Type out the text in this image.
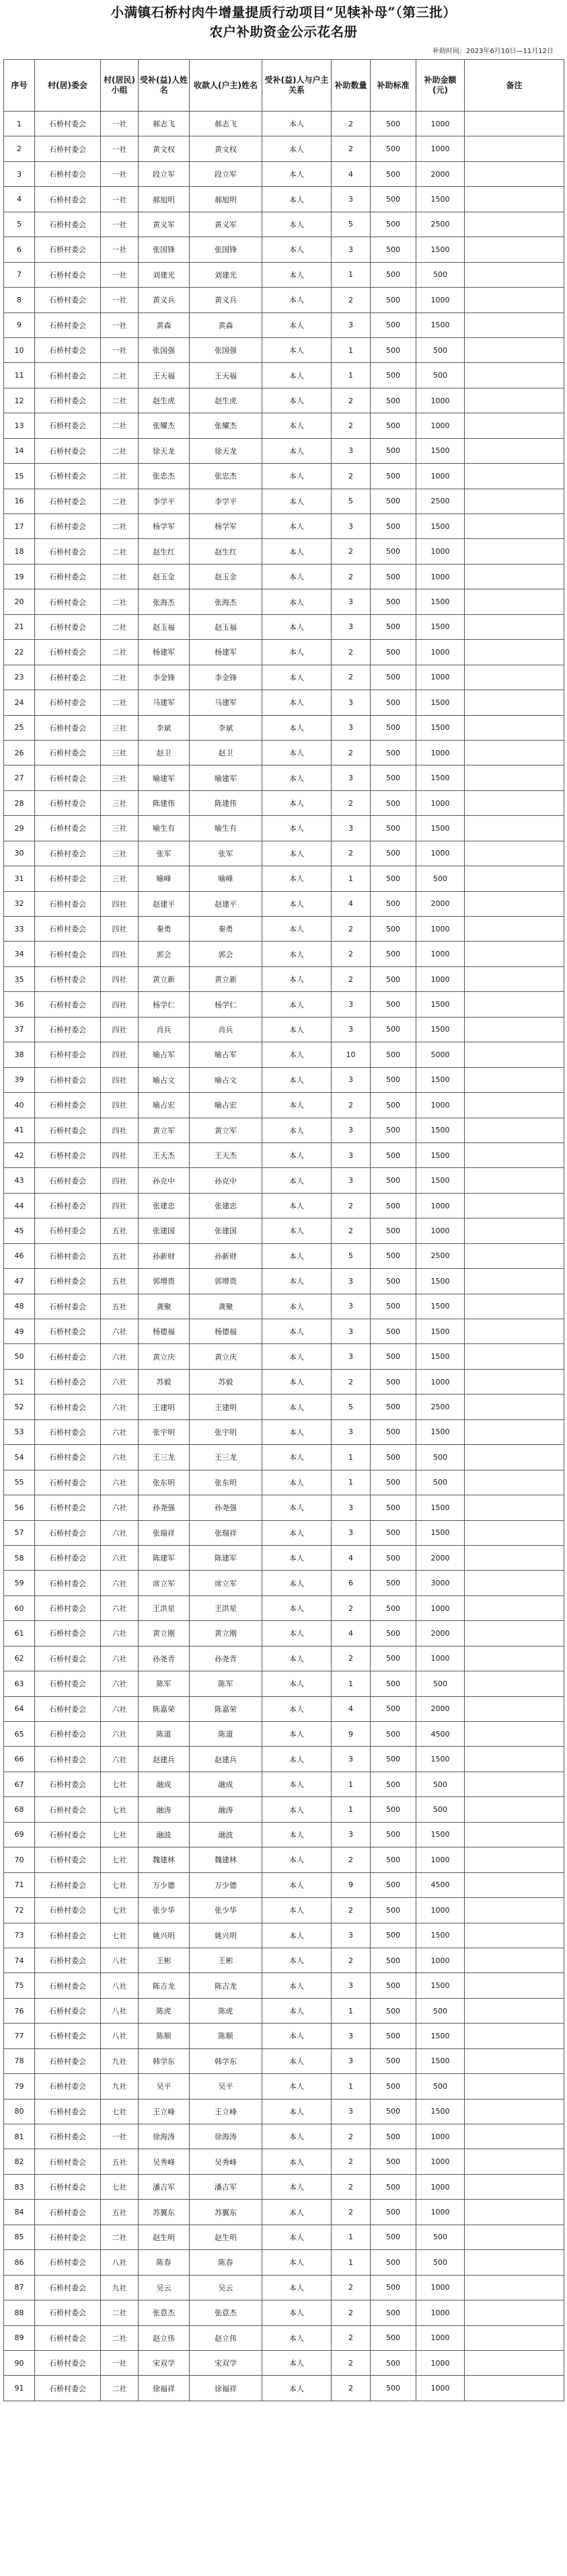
小满镇石桥村肉牛增量提质行动项目“见犊补母”（第三批）
农户补助资金公示花名册
补助时间：2023年6月10日—11月12日
序号	村(居)委会	村(居民)小组	受补(益)人姓名	收款人(户主)姓名	受补(益)人与户主关系	补助数量	补助标准	补助金额(元)	备注
1	石桥村委会	一社	郝志飞	郝志飞	本人	2	500	1000	
2	石桥村委会	一社	黄文权	黄文权	本人	2	500	1000	
3	石桥村委会	一社	段立军	段立军	本人	4	500	2000	
4	石桥村委会	一社	郝旭明	郝旭明	本人	3	500	1500	
5	石桥村委会	一社	黄义军	黄义军	本人	5	500	2500	
6	石桥村委会	一社	张国锋	张国锋	本人	3	500	1500	
7	石桥村委会	一社	刘建光	刘建光	本人	1	500	500	
8	石桥村委会	一社	黄义兵	黄义兵	本人	2	500	1000	
9	石桥村委会	一社	黄森	黄森	本人	3	500	1500	
10	石桥村委会	一社	张国强	张国强	本人	1	500	500	
11	石桥村委会	二社	王天福	王天福	本人	1	500	500	
12	石桥村委会	二社	赵生虎	赵生虎	本人	2	500	1000	
13	石桥村委会	二社	张耀杰	张耀杰	本人	2	500	1000	
14	石桥村委会	二社	徐天龙	徐天龙	本人	3	500	1500	
15	石桥村委会	二社	张忠杰	张忠杰	本人	2	500	1000	
16	石桥村委会	二社	李学平	李学平	本人	5	500	2500	
17	石桥村委会	二社	杨学军	杨学军	本人	3	500	1500	
18	石桥村委会	二社	赵生红	赵生红	本人	2	500	1000	
19	石桥村委会	二社	赵玉金	赵玉金	本人	2	500	1000	
20	石桥村委会	二社	张海杰	张海杰	本人	3	500	1500	
21	石桥村委会	二社	赵玉福	赵玉福	本人	3	500	1500	
22	石桥村委会	二社	杨建军	杨建军	本人	2	500	1000	
23	石桥村委会	二社	李金锋	李金锋	本人	2	500	1000	
24	石桥村委会	二社	马建军	马建军	本人	3	500	1500	
25	石桥村委会	三社	李斌	李斌	本人	3	500	1500	
26	石桥村委会	三社	赵卫	赵卫	本人	2	500	1000	
27	石桥村委会	三社	喻建军	喻建军	本人	3	500	1500	
28	石桥村委会	三社	陈建伟	陈建伟	本人	2	500	1000	
29	石桥村委会	三社	喻生有	喻生有	本人	3	500	1500	
30	石桥村委会	三社	张军	张军	本人	2	500	1000	
31	石桥村委会	三社	喻峰	喻峰	本人	1	500	500	
32	石桥村委会	四社	赵建平	赵建平	本人	4	500	2000	
33	石桥村委会	四社	秦勇	秦勇	本人	2	500	1000	
34	石桥村委会	四社	郭会	郭会	本人	2	500	1000	
35	石桥村委会	四社	黄立新	黄立新	本人	2	500	1000	
36	石桥村委会	四社	杨学仁	杨学仁	本人	3	500	1500	
37	石桥村委会	四社	肖兵	肖兵	本人	3	500	1500	
38	石桥村委会	四社	喻占军	喻占军	本人	10	500	5000	
39	石桥村委会	四社	喻占文	喻占文	本人	3	500	1500	
40	石桥村委会	四社	喻占宏	喻占宏	本人	2	500	1000	
41	石桥村委会	四社	黄立军	黄立军	本人	3	500	1500	
42	石桥村委会	四社	王天杰	王天杰	本人	3	500	1500	
43	石桥村委会	四社	孙克中	孙克中	本人	3	500	1500	
44	石桥村委会	四社	张建忠	张建忠	本人	2	500	1000	
45	石桥村委会	五社	张建国	张建国	本人	2	500	1000	
46	石桥村委会	五社	孙新财	孙新财	本人	5	500	2500	
47	石桥村委会	五社	郭增贵	郭增贵	本人	3	500	1500	
48	石桥村委会	五社	龚聚	龚聚	本人	3	500	1500	
49	石桥村委会	六社	杨德福	杨德福	本人	3	500	1500	
50	石桥村委会	六社	黄立庆	黄立庆	本人	3	500	1500	
51	石桥村委会	六社	苏毅	苏毅	本人	2	500	1000	
52	石桥村委会	六社	王建明	王建明	本人	5	500	2500	
53	石桥村委会	六社	张宇明	张宇明	本人	3	500	1500	
54	石桥村委会	六社	王三龙	王三龙	本人	1	500	500	
55	石桥村委会	六社	张东明	张东明	本人	1	500	500	
56	石桥村委会	六社	孙尧强	孙尧强	本人	3	500	1500	
57	石桥村委会	六社	张瑞祥	张瑞祥	本人	3	500	1500	
58	石桥村委会	六社	陈建军	陈建军	本人	4	500	2000	
59	石桥村委会	六社	席立军	席立军	本人	6	500	3000	
60	石桥村委会	六社	王洪星	王洪星	本人	2	500	1000	
61	石桥村委会	六社	黄立刚	黄立刚	本人	4	500	2000	
62	石桥村委会	六社	孙尧青	孙尧青	本人	2	500	1000	
63	石桥村委会	六社	陈军	陈军	本人	1	500	500	
64	石桥村委会	六社	陈嘉荣	陈嘉荣	本人	4	500	2000	
65	石桥村委会	六社	陈道	陈道	本人	9	500	4500	
66	石桥村委会	六社	赵建兵	赵建兵	本人	3	500	1500	
67	石桥村委会	七社	融成	融成	本人	1	500	500	
68	石桥村委会	七社	融涛	融涛	本人	1	500	500	
69	石桥村委会	七社	融波	融波	本人	3	500	1500	
70	石桥村委会	七社	魏建林	魏建林	本人	2	500	1000	
71	石桥村委会	七社	万少德	万少德	本人	9	500	4500	
72	石桥村委会	七社	张少华	张少华	本人	2	500	1000	
73	石桥村委会	七社	姚兴明	姚兴明	本人	3	500	1500	
74	石桥村委会	八社	王彬	王彬	本人	2	500	1000	
75	石桥村委会	八社	陈吉龙	陈吉龙	本人	3	500	1500	
76	石桥村委会	八社	陈虎	陈虎	本人	1	500	500	
77	石桥村委会	八社	陈顺	陈顺	本人	3	500	1500	
78	石桥村委会	九社	韩学东	韩学东	本人	3	500	1500	
79	石桥村委会	九社	吴平	吴平	本人	1	500	500	
80	石桥村委会	七社	王立峰	王立峰	本人	3	500	1500	
81	石桥村委会	一社	徐海涛	徐海涛	本人	2	500	1000	
82	石桥村委会	五社	吴秀峰	吴秀峰	本人	2	500	1000	
83	石桥村委会	七社	潘吉军	潘吉军	本人	2	500	1000	
84	石桥村委会	五社	苏翼东	苏翼东	本人	2	500	1000	
85	石桥村委会	二社	赵生明	赵生明	本人	1	500	500	
86	石桥村委会	八社	陈春	陈春	本人	1	500	500	
87	石桥村委会	九社	吴云	吴云	本人	2	500	1000	
88	石桥村委会	二社	张意杰	张意杰	本人	2	500	1000	
89	石桥村委会	二社	赵立伟	赵立伟	本人	2	500	1000	
90	石桥村委会	一社	宋双学	宋双学	本人	2	500	1000	
91	石桥村委会	二社	徐福祥	徐福祥	本人	2	500	1000	
